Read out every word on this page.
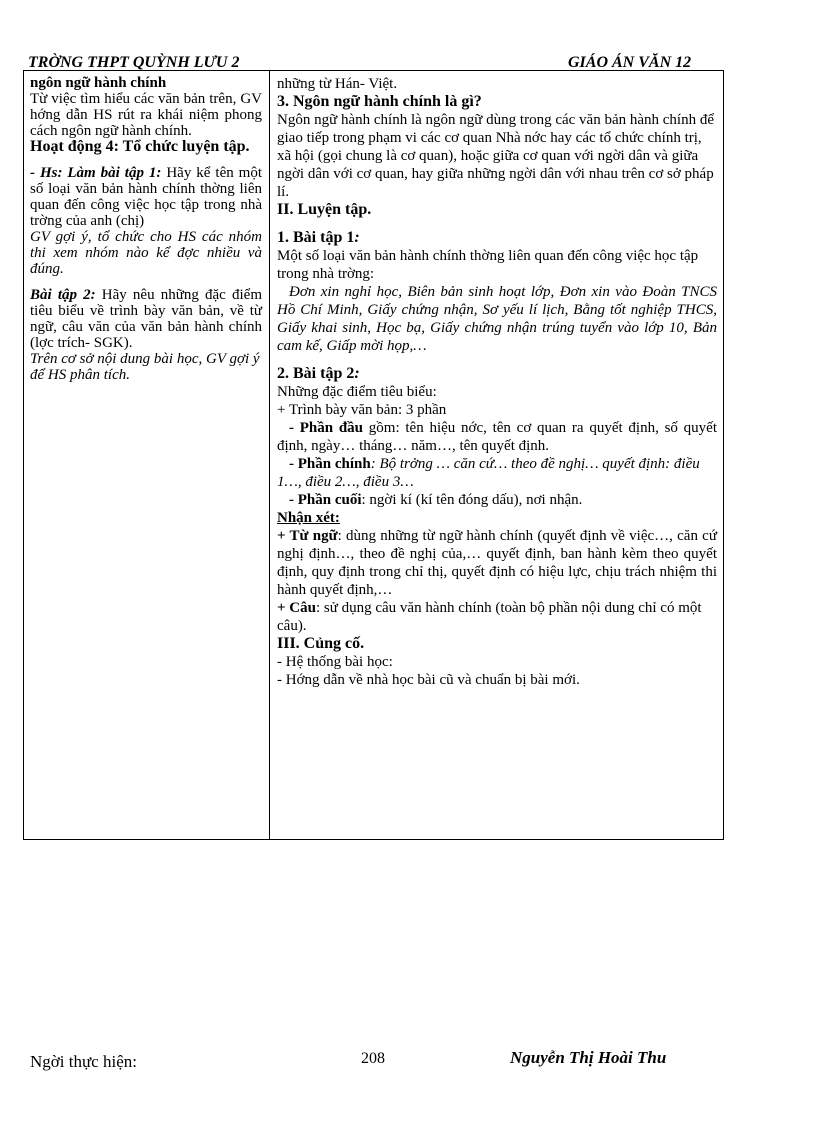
TRỜNG THPT QUỲNH LƯU 2	GIÁO ÁN VĂN 12

ngôn ngữ hành chính

Từ việc tìm hiểu các văn bản trên, GV hớng dẫn HS rút ra khái niệm phong cách ngôn ngữ hành chính.

Hoạt động 4: Tổ chức luyện tập.

- Hs: Làm bài tập 1: Hãy kể tên một số loại văn bản hành chính thờng liên quan đến công việc học tập trong nhà trờng của anh (chị)

GV gợi ý, tổ chức cho HS các nhóm thi xem nhóm nào kể đợc nhiều và đúng.

Bài tập 2: Hãy nêu những đặc điểm tiêu biểu về trình bày văn bản, về từ ngữ, câu văn của văn bản hành chính (lợc trích- SGK).

Trên cơ sở nội dung bài học, GV gợi ý để HS phân tích.

những từ Hán- Việt.

3. Ngôn ngữ hành chính là gì?

Ngôn ngữ hành chính là ngôn ngữ dùng trong các văn bản hành chính để giao tiếp trong phạm vi các cơ quan Nhà nớc hay các tổ chức chính trị, xã hội (gọi chung là cơ quan), hoặc giữa cơ quan với ngời dân và giữa ngời dân với cơ quan, hay giữa những ngời dân với nhau trên cơ sở pháp lí.

II. Luyện tập.

1. Bài tập 1:

Một số loại văn bản hành chính thờng liên quan đến công việc học tập trong nhà trờng:

Đơn xin nghỉ học, Biên bản sinh hoạt lớp, Đơn xin vào Đoàn TNCS Hồ Chí Minh, Giấy chứng nhận, Sơ yếu lí lịch, Bằng tốt nghiệp THCS, Giấy khai sinh, Học bạ, Giấy chứng nhận trúng tuyển vào lớp 10, Bản cam kế, Giấp mời họp,…

2. Bài tập 2:

Những đặc điểm tiêu biểu:

+ Trình bày văn bản: 3 phần

- Phần đầu gồm: tên hiệu nớc, tên cơ quan ra quyết định, số quyết định, ngày… tháng… năm…, tên quyết định.

- Phần chính: Bộ trởng … căn cứ… theo đề nghị… quyết định: điều 1…, điều 2…, điều 3…

- Phần cuối: ngời kí (kí tên đóng dấu), nơi nhận.

Nhận xét:

+ Từ ngữ: dùng những từ ngữ hành chính (quyết định về việc…, căn cứ nghị định…, theo đề nghị của,… quyết định, ban hành kèm theo quyết định, quy định trong chỉ thị, quyết định có hiệu lực, chịu trách nhiệm thi hành quyết định,…

+ Câu: sử dụng câu văn hành chính (toàn bộ phần nội dung chỉ có một câu).

III. Củng cố.

- Hệ thống bài học:

- Hớng dẫn về nhà học bài cũ và chuẩn bị bài mới.

Ngời thực hiện:	208	Nguyễn Thị Hoài Thu
